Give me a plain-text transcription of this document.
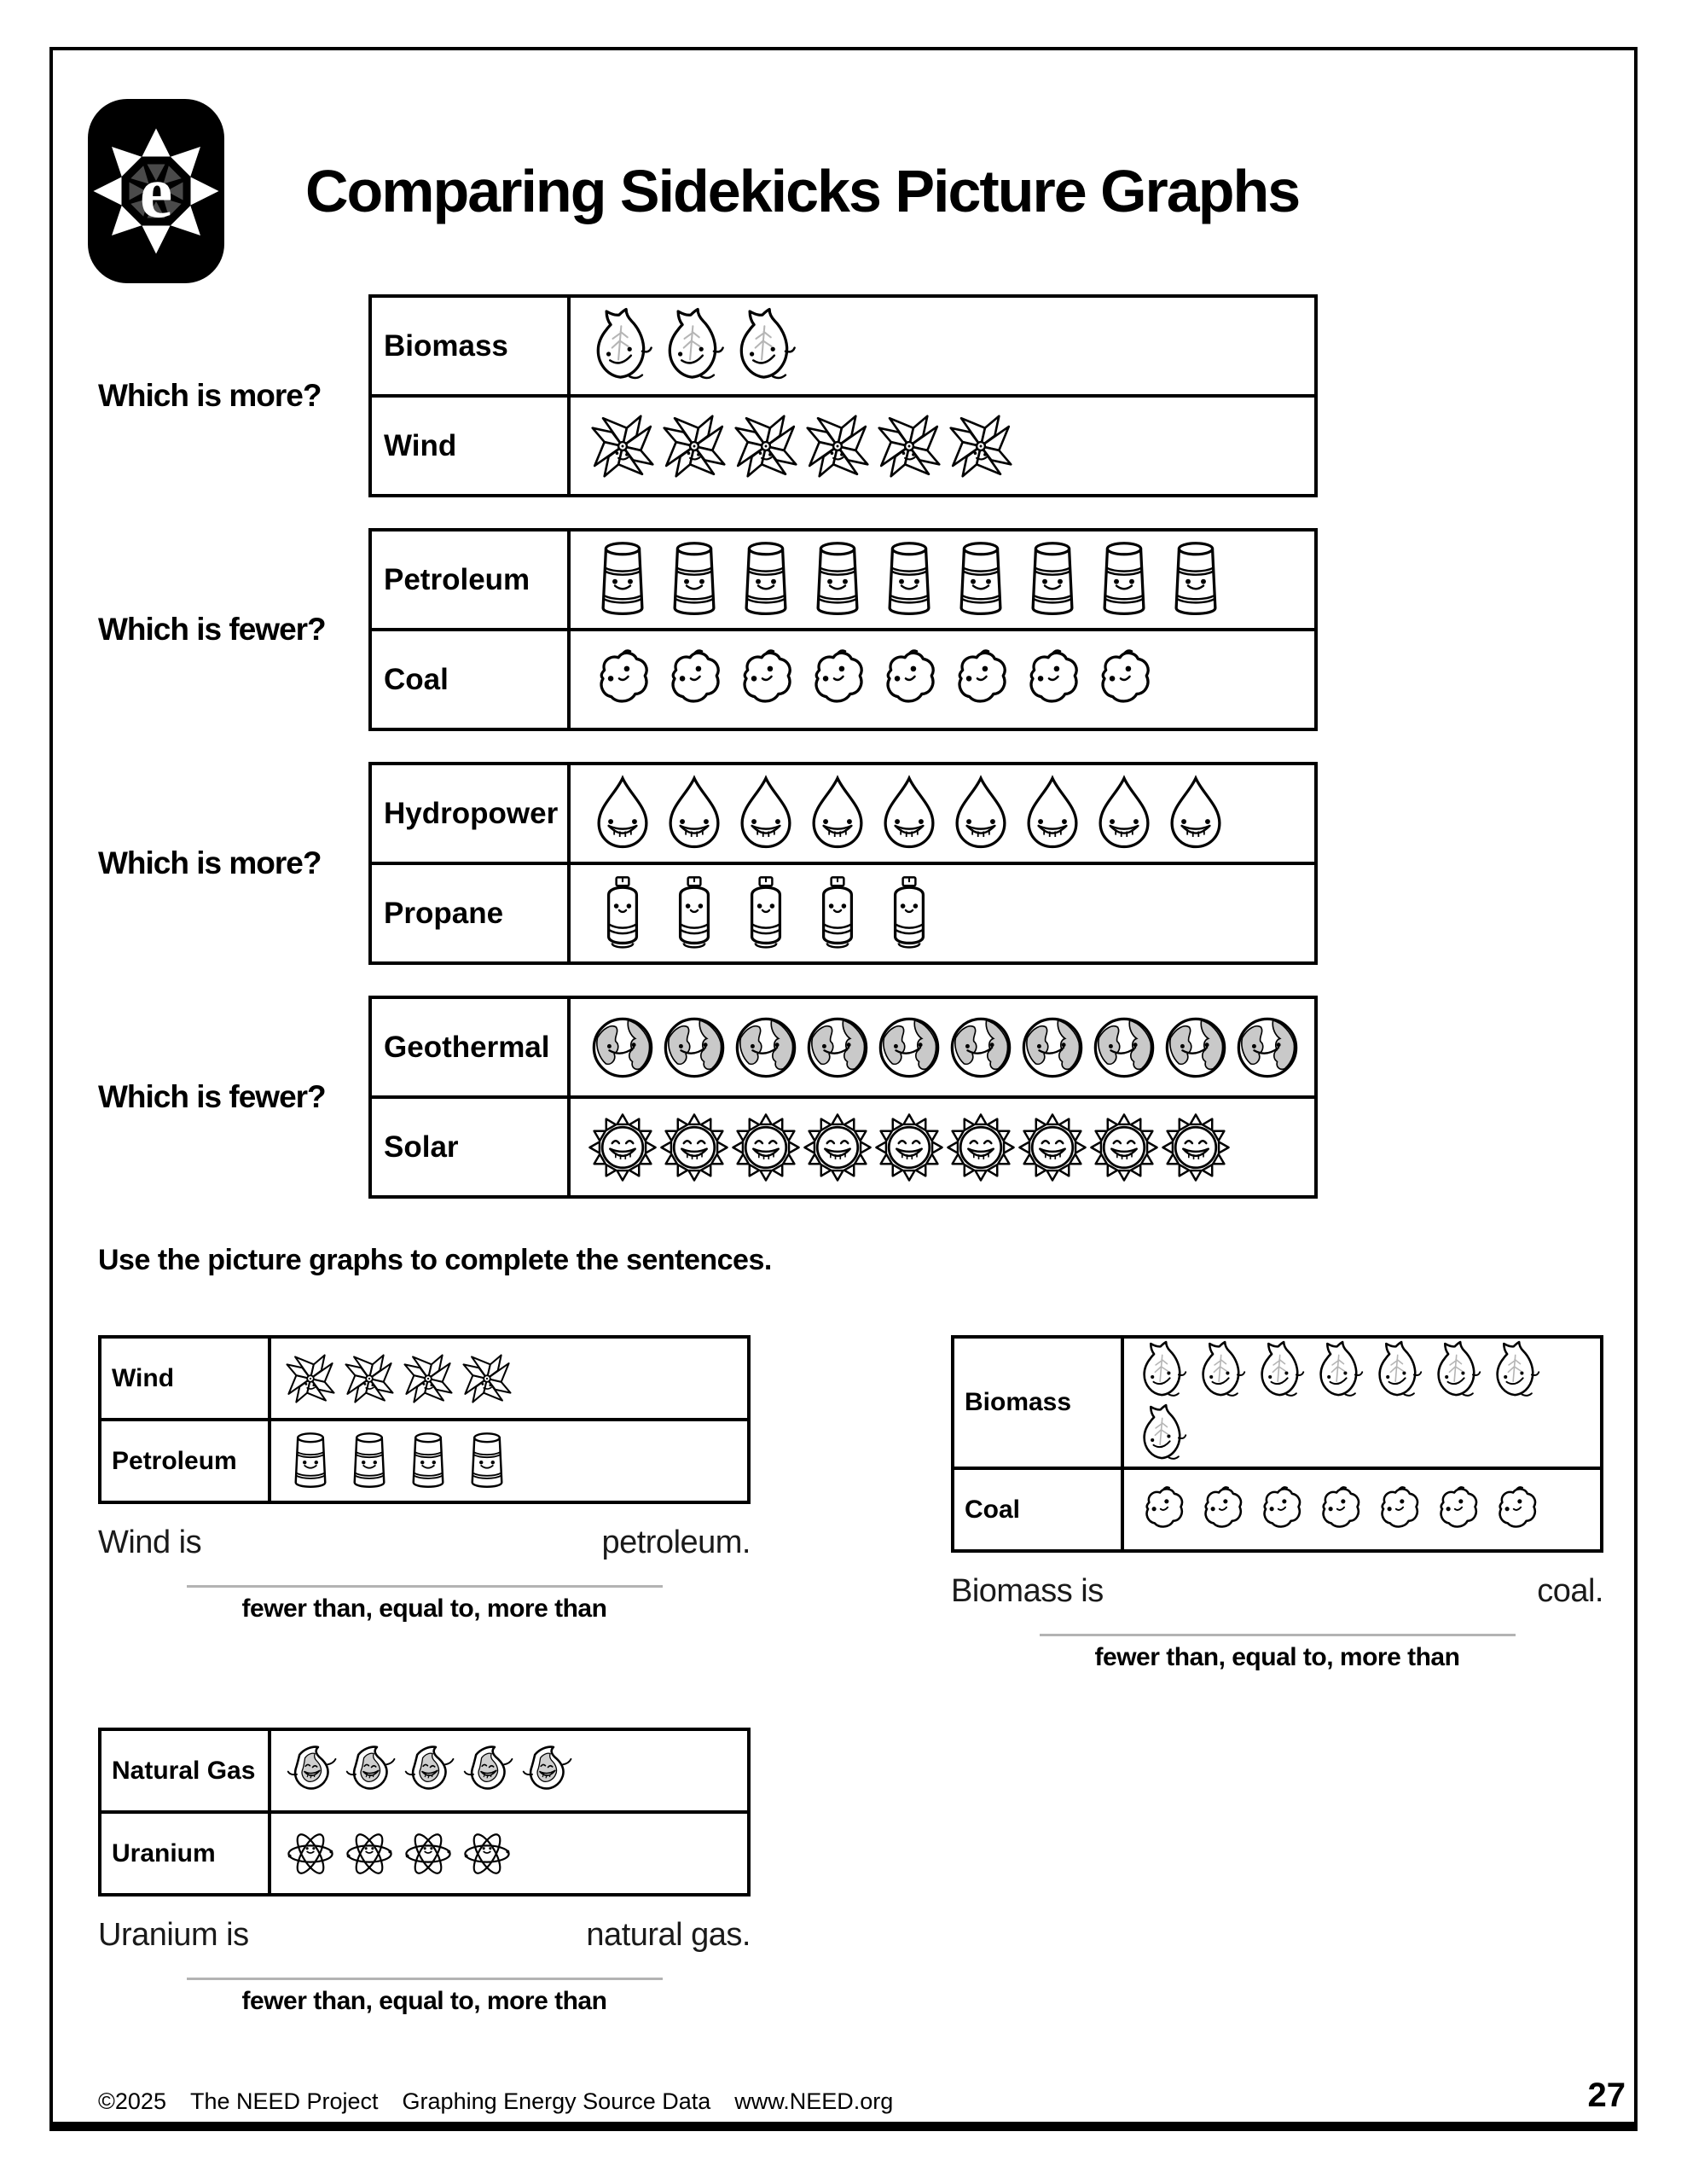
e Comparing Sidekicks Picture Graphs
Which is more?
Biomass	
Wind	
Which is fewer?
Petroleum	
Coal	
Which is more?
Hydropower	
Propane	
Which is fewer?
Geothermal	
Solar	
Use the picture graphs to complete the sentences.
©2025 The NEED Project Graphing Energy Source Data www.NEED.org	27
Wind	
Petroleum	
Wind is	petroleum.
fewer than, equal to, more than
Biomass	
Coal	
Biomass is	coal.
fewer than, equal to, more than
Natural Gas	
Uranium	
Uranium is	natural gas.
fewer than, equal to, more than
